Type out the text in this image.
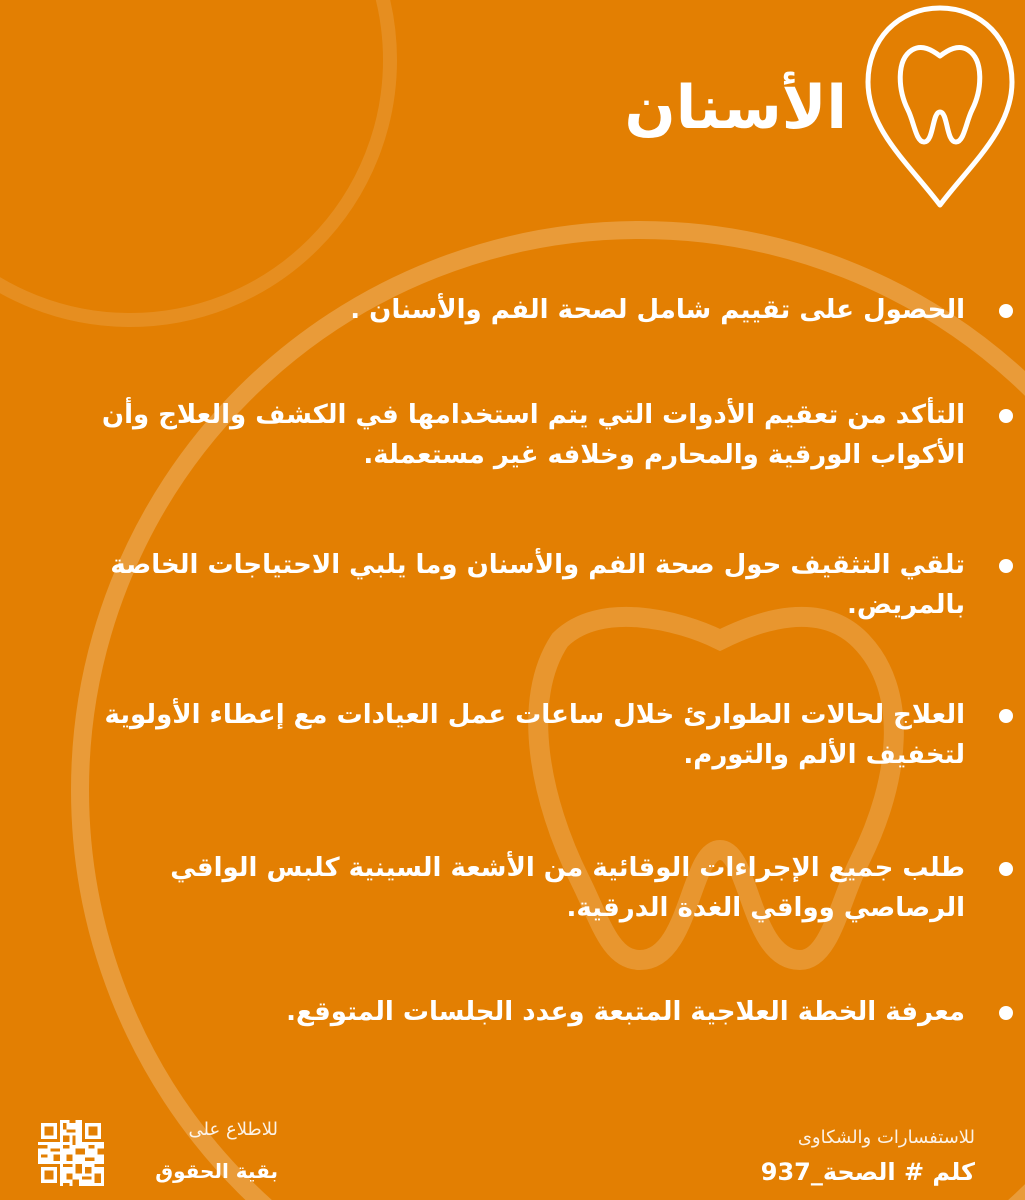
الأسنان
الحصول على تقييم شامل لصحة الفم والأسنان .
التأكد من تعقيم الأدوات التي يتم استخدامها في الكشف والعلاج وأن الأكواب الورقية والمحارم وخلافه غير مستعملة.
تلقي التثقيف حول صحة الفم والأسنان وما يلبي الاحتياجات الخاصة بالمريض.
العلاج لحالات الطوارئ خلال ساعات عمل العيادات مع إعطاء الأولوية لتخفيف الألم والتورم.
طلب جميع الإجراءات الوقائية من الأشعة السينية كلبس الواقي الرصاصي وواقي الغدة الدرقية.
معرفة الخطة العلاجية المتبعة وعدد الجلسات المتوقع.
للاستفسارات والشكاوى
كلم # الصحة_937
للاطلاع على
بقية الحقوق
